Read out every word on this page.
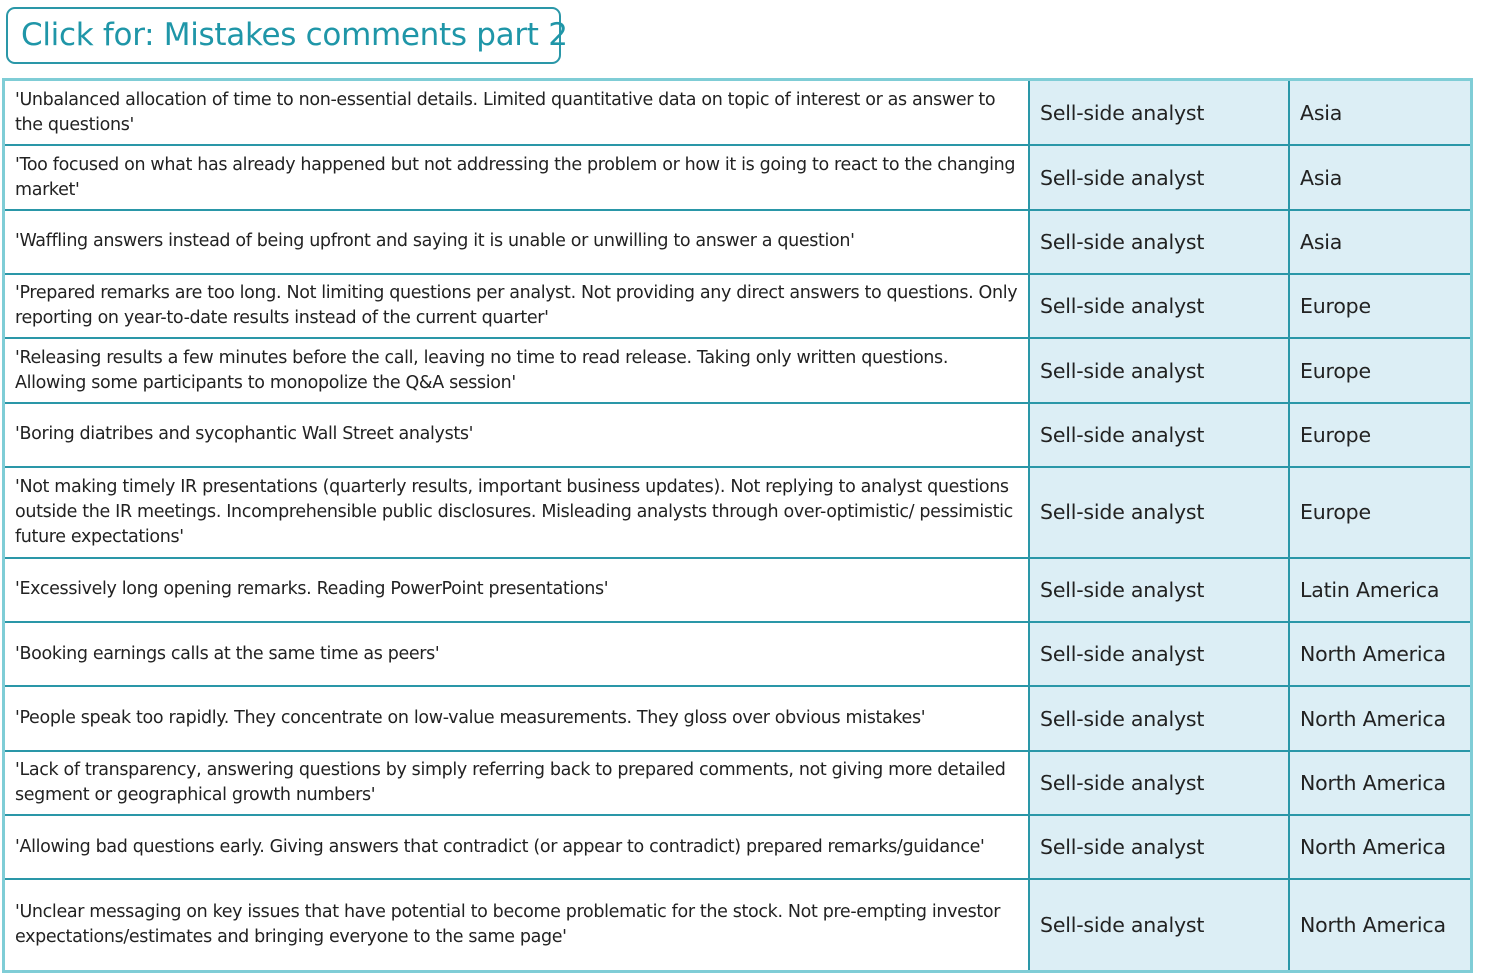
Click for: Mistakes comments part 2
'Unbalanced allocation of time to non-essential details. Limited quantitative data on topic of interest or as answer to the questions'	Sell-side analyst	Asia
'Too focused on what has already happened but not addressing the problem or how it is going to react to the changing market'	Sell-side analyst	Asia
'Waffling answers instead of being upfront and saying it is unable or unwilling to answer a question'	Sell-side analyst	Asia
'Prepared remarks are too long. Not limiting questions per analyst. Not providing any direct answers to questions. Only reporting on year-to-date results instead of the current quarter'	Sell-side analyst	Europe
'Releasing results a few minutes before the call, leaving no time to read release. Taking only written questions. Allowing some participants to monopolize the Q&A session'	Sell-side analyst	Europe
'Boring diatribes and sycophantic Wall Street analysts'	Sell-side analyst	Europe
'Not making timely IR presentations (quarterly results, important business updates). Not replying to analyst questions outside the IR meetings. Incomprehensible public disclosures. Misleading analysts through over-optimistic/ pessimistic future expectations'	Sell-side analyst	Europe
'Excessively long opening remarks. Reading PowerPoint presentations'	Sell-side analyst	Latin America
'Booking earnings calls at the same time as peers'	Sell-side analyst	North America
'People speak too rapidly. They concentrate on low-value measurements. They gloss over obvious mistakes'	Sell-side analyst	North America
'Lack of transparency, answering questions by simply referring back to prepared comments, not giving more detailed segment or geographical growth numbers'	Sell-side analyst	North America
'Allowing bad questions early. Giving answers that contradict (or appear to contradict) prepared remarks/guidance'	Sell-side analyst	North America
'Unclear messaging on key issues that have potential to become problematic for the stock. Not pre-empting investor expectations/estimates and bringing everyone to the same page'	Sell-side analyst	North America
